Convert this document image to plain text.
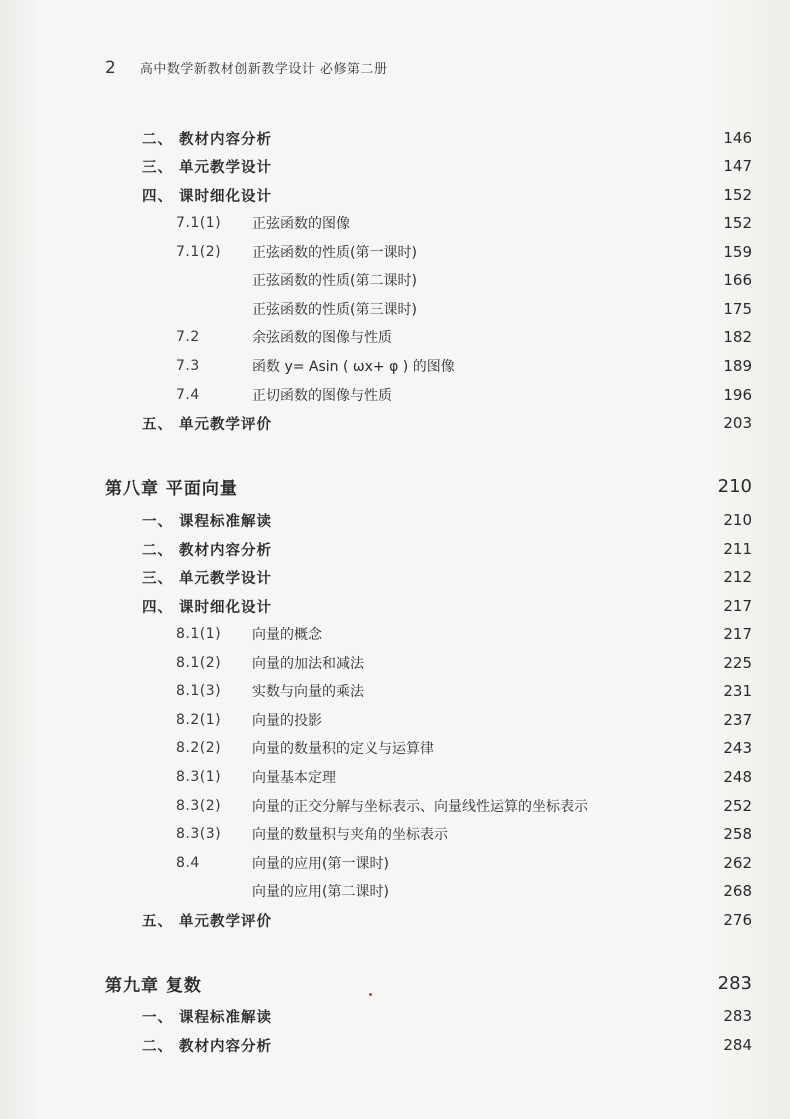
2 高中数学新教材创新教学设计 必修第二册
二、 教材内容分析	146
三、 单元教学设计	147
四、 课时细化设计	152
7.1(1)	正弦函数的图像	152
7.1(2)	正弦函数的性质(第一课时)	159
正弦函数的性质(第二课时)	166
正弦函数的性质(第三课时)	175
7.2	余弦函数的图像与性质	182
7.3	函数 y= Asin ( ωx+ φ ) 的图像	189
7.4	正切函数的图像与性质	196
五、 单元教学评价	203
第八章 平面向量	210
一、 课程标准解读	210
二、 教材内容分析	211
三、 单元教学设计	212
四、 课时细化设计	217
8.1(1)	向量的概念	217
8.1(2)	向量的加法和减法	225
8.1(3)	实数与向量的乘法	231
8.2(1)	向量的投影	237
8.2(2)	向量的数量积的定义与运算律	243
8.3(1)	向量基本定理	248
8.3(2)	向量的正交分解与坐标表示、向量线性运算的坐标表示	252
8.3(3)	向量的数量积与夹角的坐标表示	258
8.4	向量的应用(第一课时)	262
向量的应用(第二课时)	268
五、 单元教学评价	276
第九章 复数	283
一、 课程标准解读	283
二、 教材内容分析	284
